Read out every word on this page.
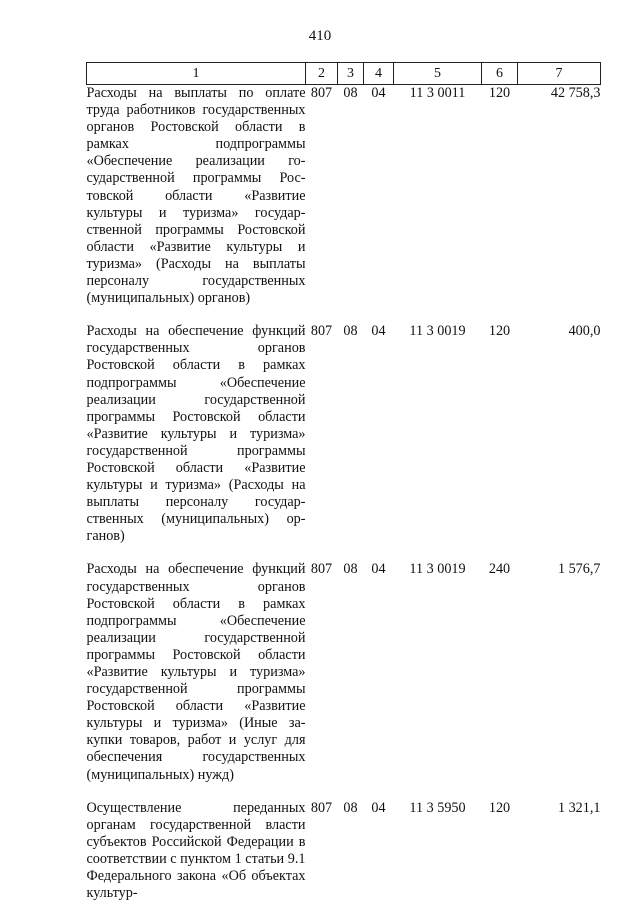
410
1	2	3	4	5	6	7
Расходы на выплаты по оплате труда работников государственных органов Ростовской области в рамках подпрограммы «Обеспечение реализации государственной программы Ростовской области «Развитие культуры и туризма» государственной программы Ростовской области «Развитие культуры и туризма» (Расходы на выплаты персоналу государственных (муниципальных) органов)	807	08	04	11 3 0011	120	42 758,3

Расходы на обеспечение функций государственных органов Ростовской области в рамках подпрограммы «Обеспечение реализации государственной программы Ростовской области «Развитие культуры и туризма» государственной программы Ростовской области «Развитие культуры и туризма» (Расходы на выплаты персоналу государственных (муниципальных) органов)	807	08	04	11 3 0019	120	400,0

Расходы на обеспечение функций государственных органов Ростовской области в рамках подпрограммы «Обеспечение реализации государственной программы Ростовской области «Развитие культуры и туризма» государственной программы Ростовской области «Развитие культуры и туризма» (Иные закупки товаров, работ и услуг для обеспечения государственных (муниципальных) нужд)	807	08	04	11 3 0019	240	1 576,7

Осуществление переданных органам государственной власти субъектов Российской Федерации в соответствии с пунктом 1 статьи 9.1 Федерального закона «Об объектах культур-	807	08	04	11 3 5950	120	1 321,1
